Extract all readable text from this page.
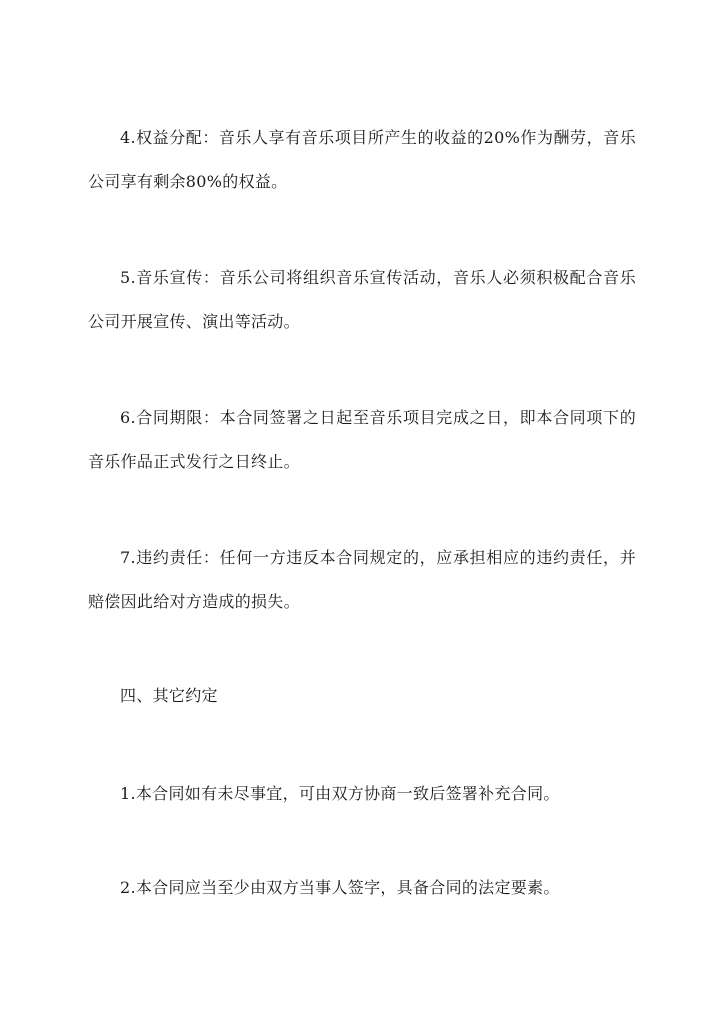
4.权益分配：音乐人享有音乐项目所产生的收益的20%作为酬劳，音乐公司享有剩余80%的权益。

5.音乐宣传：音乐公司将组织音乐宣传活动，音乐人必须积极配合音乐公司开展宣传、演出等活动。

6.合同期限：本合同签署之日起至音乐项目完成之日，即本合同项下的音乐作品正式发行之日终止。

7.违约责任：任何一方违反本合同规定的，应承担相应的违约责任，并赔偿因此给对方造成的损失。

四、其它约定

1.本合同如有未尽事宜，可由双方协商一致后签署补充合同。

2.本合同应当至少由双方当事人签字，具备合同的法定要素。
